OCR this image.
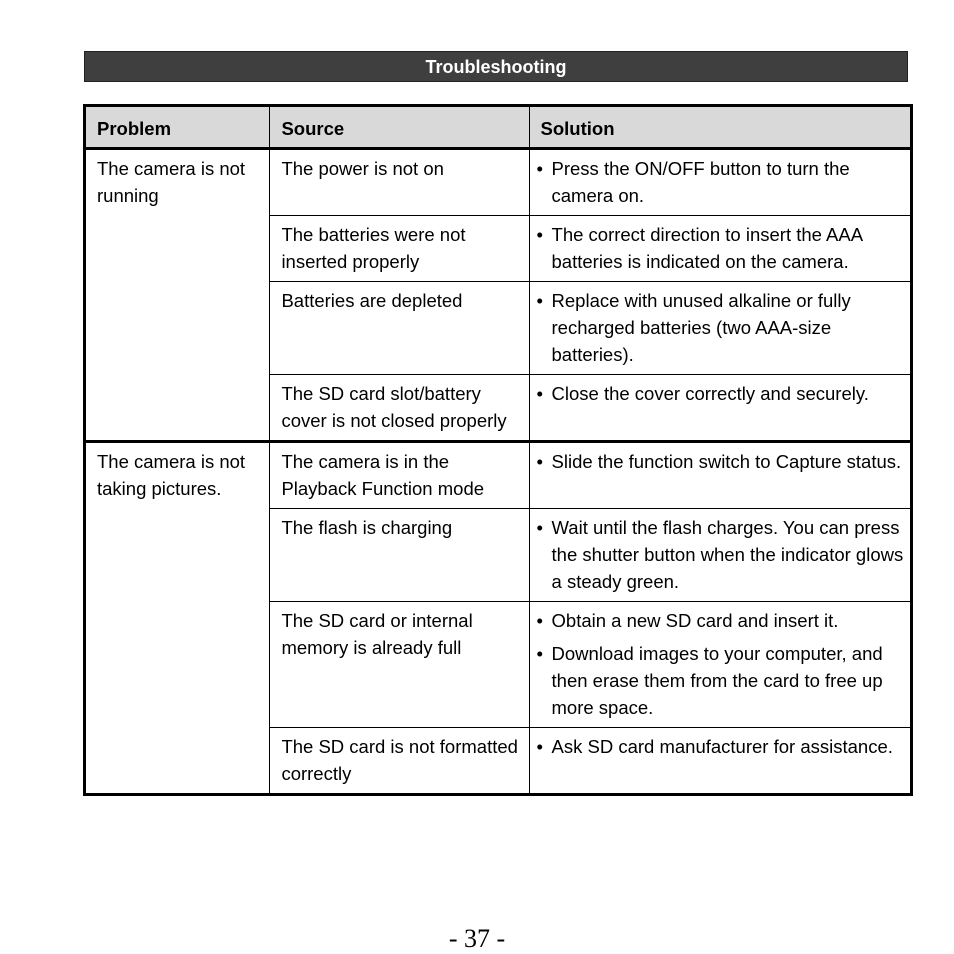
Troubleshooting
Problem	Source	Solution
The camera is not running	The power is not on	• Press the ON/OFF button to turn the camera on.

	The batteries were not inserted properly	• The correct direction to insert the AAA batteries is indicated on the camera.

	Batteries are depleted	• Replace with unused alkaline or fully recharged batteries (two AAA-size batteries).

	The SD card slot/battery cover is not closed properly	• Close the cover correctly and securely.

The camera is not taking pictures.	The camera is in the Playback Function mode	• Slide the function switch to Capture status.

	The flash is charging	• Wait until the flash charges. You can press the shutter button when the indicator glows a steady green.

	The SD card or internal memory is already full	• Obtain a new SD card and insert it.
• Download images to your computer, and then erase them from the card to free up more space.

	The SD card is not formatted correctly	• Ask SD card manufacturer for assistance.
- 37 -
